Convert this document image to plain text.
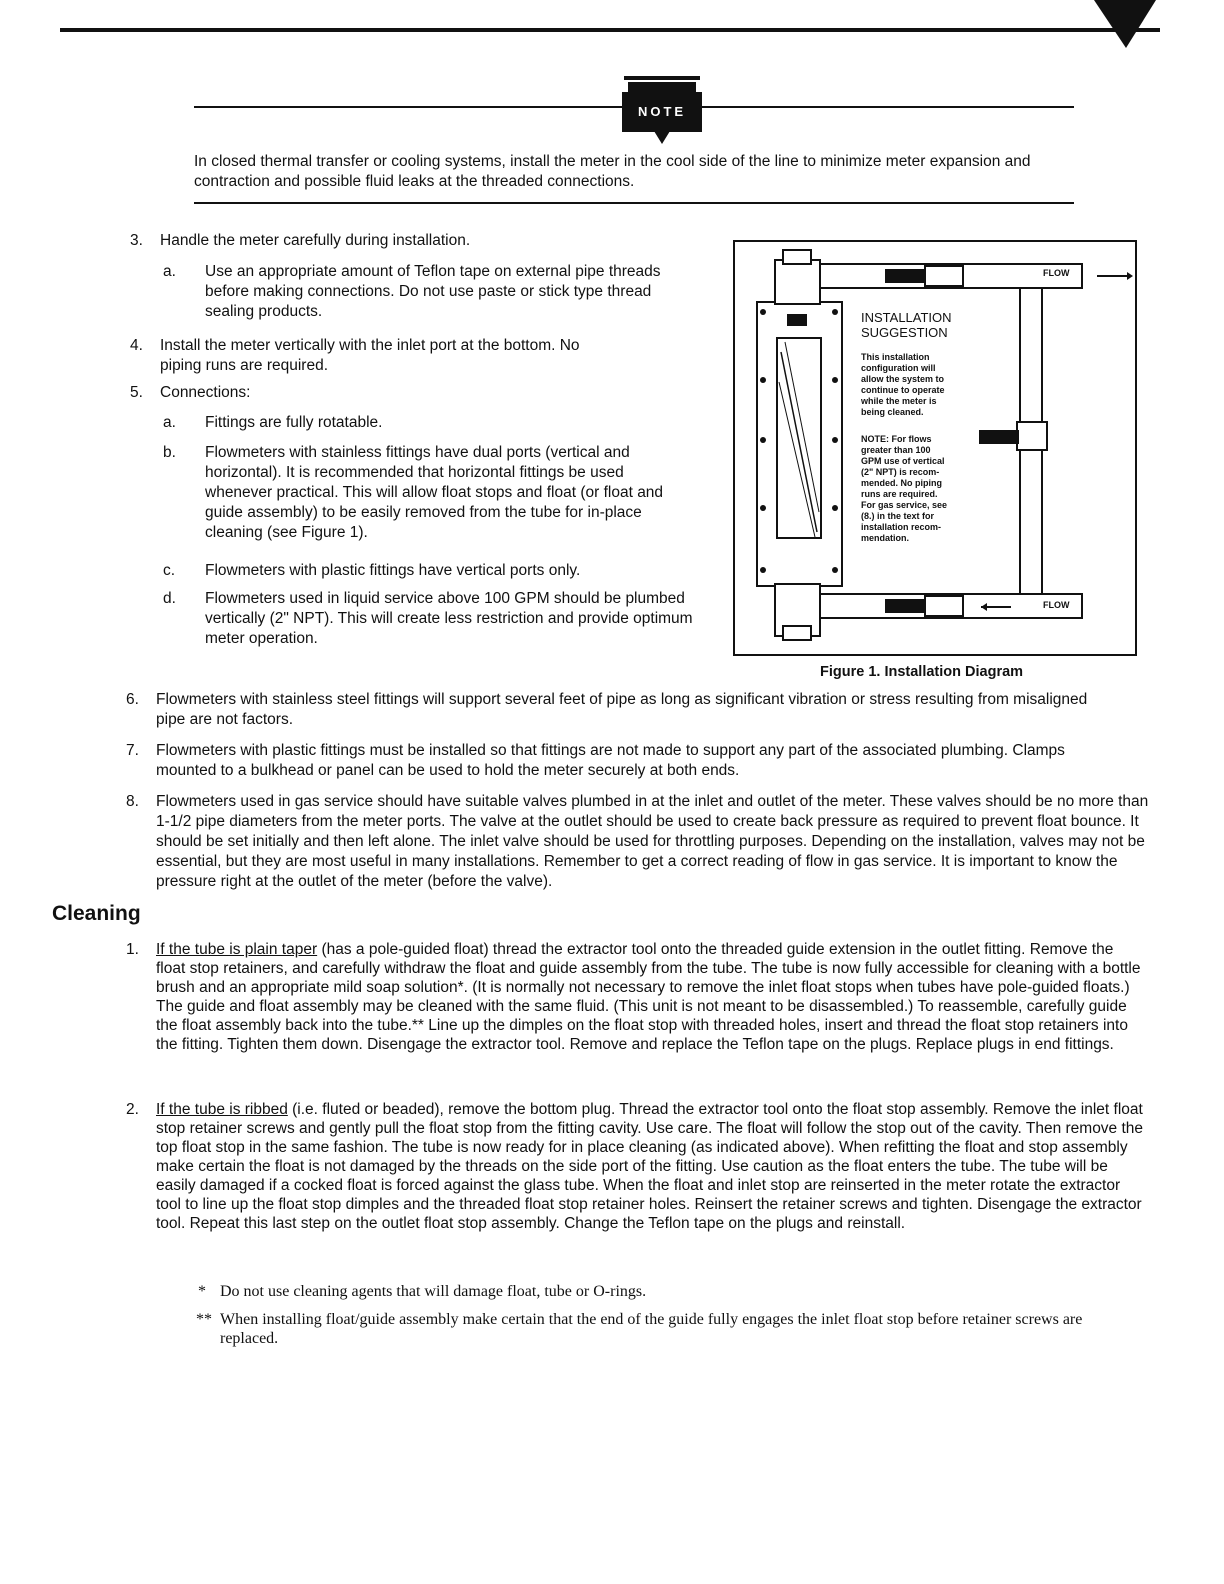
NOTE
In closed thermal transfer or cooling systems, install the meter in the cool side of the line to minimize meter expansion and contraction and possible fluid leaks at the threaded connections.
3. Handle the meter carefully during installation.
a. Use an appropriate amount of Teflon tape on external pipe threads before making connections. Do not use paste or stick type thread sealing products.
4. Install the meter vertically with the inlet port at the bottom. No piping runs are required.
5. Connections:
a. Fittings are fully rotatable.
b. Flowmeters with stainless fittings have dual ports (vertical and horizontal). It is recommended that horizontal fittings be used whenever practical. This will allow float stops and float (or float and guide assembly) to be easily removed from the tube for in-place cleaning (see Figure 1).
c. Flowmeters with plastic fittings have vertical ports only.
d. Flowmeters used in liquid service above 100 GPM should be plumbed vertically (2" NPT). This will create less restriction and provide optimum meter operation.
FLOW
FLOW
INSTALLATION
SUGGESTION
This installation
configuration will
allow the system to
continue to operate
while the meter is
being cleaned.
NOTE: For flows
greater than 100
GPM use of vertical
(2" NPT) is recom-
mended. No piping
runs are required.
For gas service, see
(8.) in the text for
installation recom-
mendation.
Figure 1. Installation Diagram
6. Flowmeters with stainless steel fittings will support several feet of pipe as long as significant vibration or stress resulting from misaligned pipe are not factors.
7. Flowmeters with plastic fittings must be installed so that fittings are not made to support any part of the associated plumbing. Clamps mounted to a bulkhead or panel can be used to hold the meter securely at both ends.
8. Flowmeters used in gas service should have suitable valves plumbed in at the inlet and outlet of the meter. These valves should be no more than 1-1/2 pipe diameters from the meter ports. The valve at the outlet should be used to create back pressure as required to prevent float bounce. It should be set initially and then left alone. The inlet valve should be used for throttling purposes. Depending on the installation, valves may not be essential, but they are most useful in many installations. Remember to get a correct reading of flow in gas service. It is important to know the pressure right at the outlet of the meter (before the valve).
Cleaning
1. If the tube is plain taper (has a pole-guided float) thread the extractor tool onto the threaded guide extension in the outlet fitting. Remove the float stop retainers, and carefully withdraw the float and guide assembly from the tube. The tube is now fully accessible for cleaning with a bottle brush and an appropriate mild soap solution*. (It is normally not necessary to remove the inlet float stops when tubes have pole-guided floats.) The guide and float assembly may be cleaned with the same fluid. (This unit is not meant to be disassembled.) To reassemble, carefully guide the float assembly back into the tube.** Line up the dimples on the float stop with threaded holes, insert and thread the float stop retainers into the fitting. Tighten them down. Disengage the extractor tool. Remove and replace the Teflon tape on the plugs. Replace plugs in end fittings.
2. If the tube is ribbed (i.e. fluted or beaded), remove the bottom plug. Thread the extractor tool onto the float stop assembly. Remove the inlet float stop retainer screws and gently pull the float stop from the fitting cavity. Use care. The float will follow the stop out of the cavity. Then remove the top float stop in the same fashion. The tube is now ready for in place cleaning (as indicated above). When refitting the float and stop assembly make certain the float is not damaged by the threads on the side port of the fitting. Use caution as the float enters the tube. The tube will be easily damaged if a cocked float is forced against the glass tube. When the float and inlet stop are reinserted in the meter rotate the extractor tool to line up the float stop dimples and the threaded float stop retainer holes. Reinsert the retainer screws and tighten. Disengage the extractor tool. Repeat this last step on the outlet float stop assembly. Change the Teflon tape on the plugs and reinstall.
* Do not use cleaning agents that will damage float, tube or O-rings.
** When installing float/guide assembly make certain that the end of the guide fully engages the inlet float stop before retainer screws are replaced.
